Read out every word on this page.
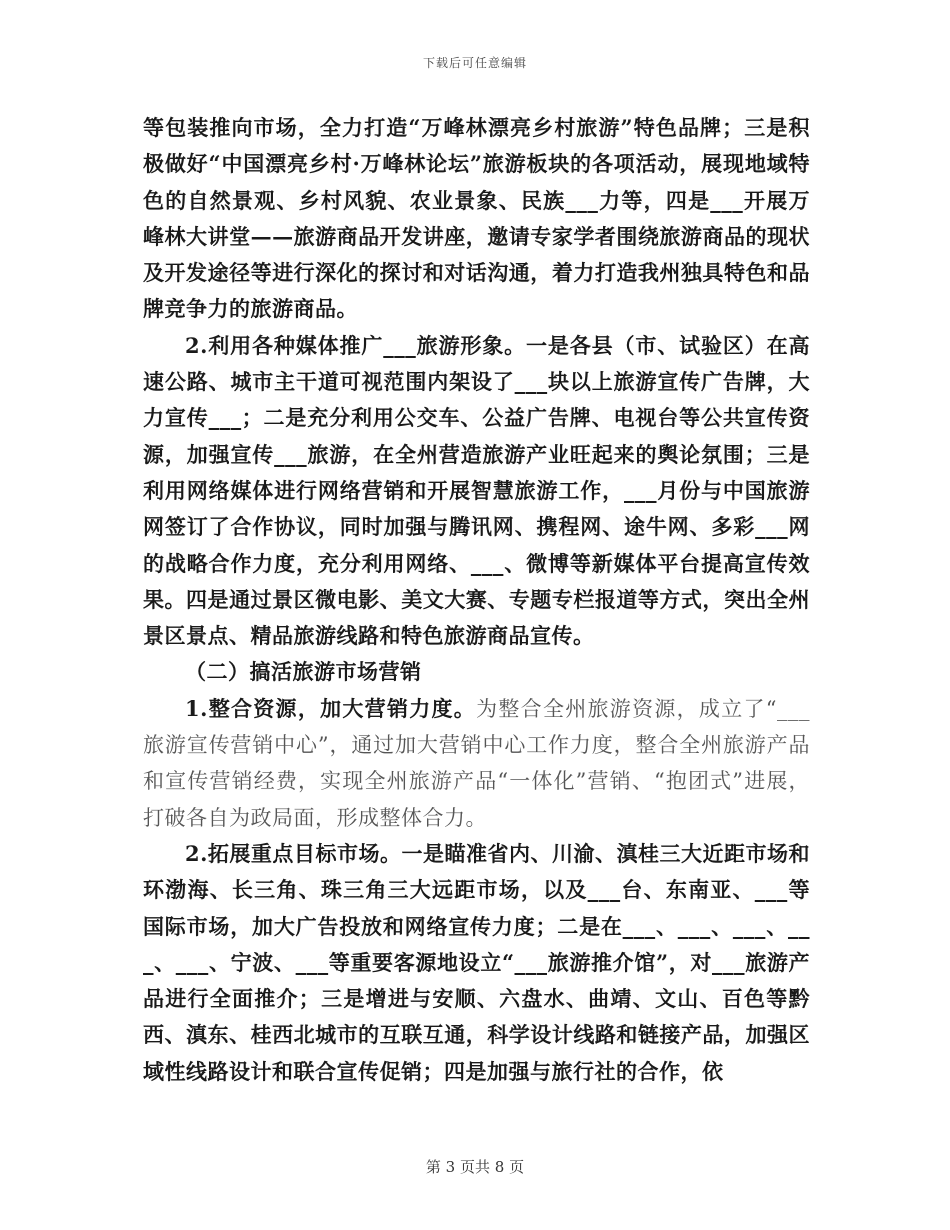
下载后可任意编辑

等包装推向市场，全力打造“万峰林漂亮乡村旅游”特色品牌；三是积极做好“中国漂亮乡村·万峰林论坛”旅游板块的各项活动，展现地域特色的自然景观、乡村风貌、农业景象、民族___力等，四是___开展万峰林大讲堂——旅游商品开发讲座，邀请专家学者围绕旅游商品的现状及开发途径等进行深化的探讨和对话沟通，着力打造我州独具特色和品牌竞争力的旅游商品。

2.利用各种媒体推广___旅游形象。一是各县（市、试验区）在高速公路、城市主干道可视范围内架设了___块以上旅游宣传广告牌，大力宣传___；二是充分利用公交车、公益广告牌、电视台等公共宣传资源，加强宣传___旅游，在全州营造旅游产业旺起来的舆论氛围；三是利用网络媒体进行网络营销和开展智慧旅游工作，___月份与中国旅游网签订了合作协议，同时加强与腾讯网、携程网、途牛网、多彩___网的战略合作力度，充分利用网络、___、微博等新媒体平台提高宣传效果。四是通过景区微电影、美文大赛、专题专栏报道等方式，突出全州景区景点、精品旅游线路和特色旅游商品宣传。

（二）搞活旅游市场营销

1.整合资源，加大营销力度。为整合全州旅游资源，成立了“___旅游宣传营销中心”，通过加大营销中心工作力度，整合全州旅游产品和宣传营销经费，实现全州旅游产品“一体化”营销、“抱团式”进展，打破各自为政局面，形成整体合力。

2.拓展重点目标市场。一是瞄准省内、川渝、滇桂三大近距市场和环渤海、长三角、珠三角三大远距市场，以及___台、东南亚、___等国际市场，加大广告投放和网络宣传力度；二是在___、___、___、___、___、宁波、___等重要客源地设立“___旅游推介馆”，对___旅游产品进行全面推介；三是增进与安顺、六盘水、曲靖、文山、百色等黔西、滇东、桂西北城市的互联互通，科学设计线路和链接产品，加强区域性线路设计和联合宣传促销；四是加强与旅行社的合作，依

第 3 页共 8 页
